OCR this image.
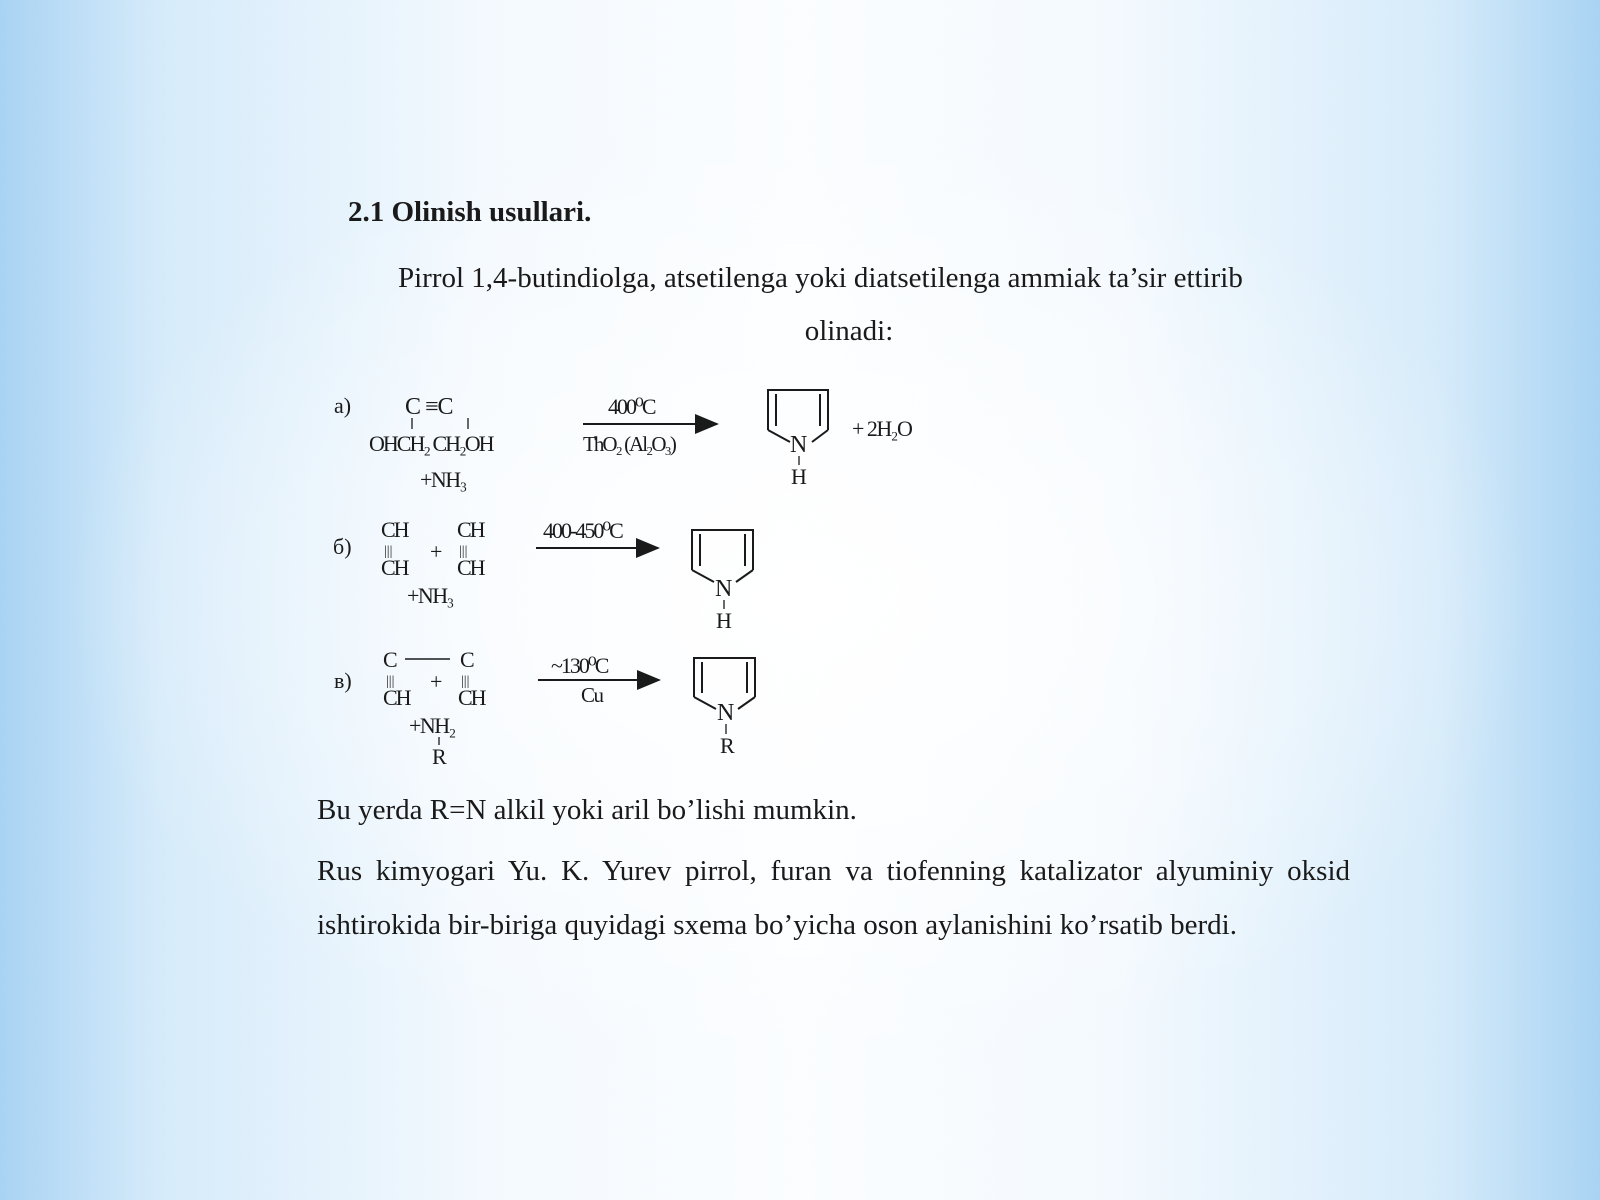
2.1 Olinish usullari.
Pirrol 1,4-butindiolga, atsetilenga yoki diatsetilenga ammiak ta’sir ettirib
olinadi:
а) C ≡C
OHCH₂ CH₂OH
+NH₃
400⁰C
ThO₂ (Al₂O₃)	N
H
+ 2H₂O
б)
CH
|||
CH
+
CH
|||
CH
+NH₃
400-450⁰C
N
H
в)
C	C
|||	|||
CH
+
CH
+NH₂
R
~130⁰C
Cu
N
R
Bu yerda R=N alkil yoki aril bo’lishi mumkin.
Rus kimyogari Yu. K. Yurev pirrol, furan va tiofenning katalizator alyuminiy oksid ishtirokida bir-biriga quyidagi sxema bo’yicha oson aylanishini ko’rsatib berdi.
